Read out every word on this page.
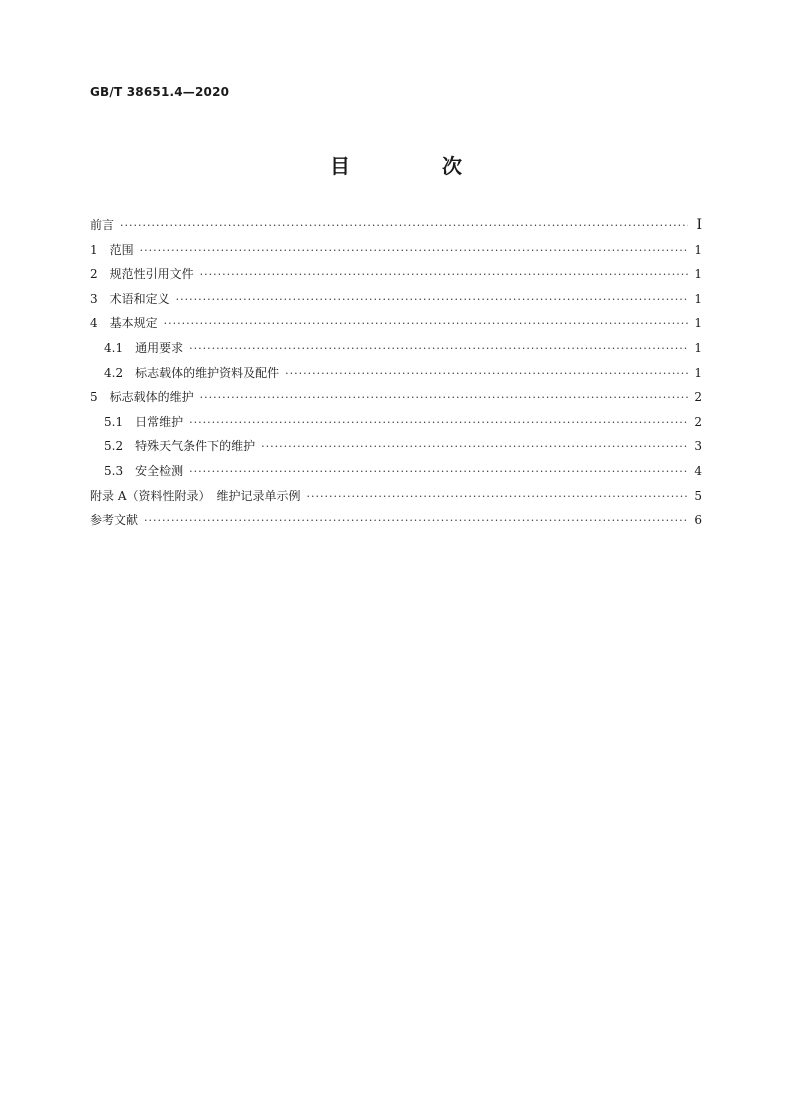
GB/T 38651.4—2020
目　次
前言 ·····	Ⅰ
1 范围 ·····	1
2 规范性引用文件 ·····	1
3 术语和定义 ·····	1
4 基本规定 ·····	1
4.1 通用要求 ·····	1
4.2 标志载体的维护资料及配件 ·····	1
5 标志载体的维护 ·····	2
5.1 日常维护 ·····	2
5.2 特殊天气条件下的维护 ·····	3
5.3 安全检测 ·····	4
附录 A（资料性附录）　维护记录单示例 ·····	5
参考文献 ·····	6
